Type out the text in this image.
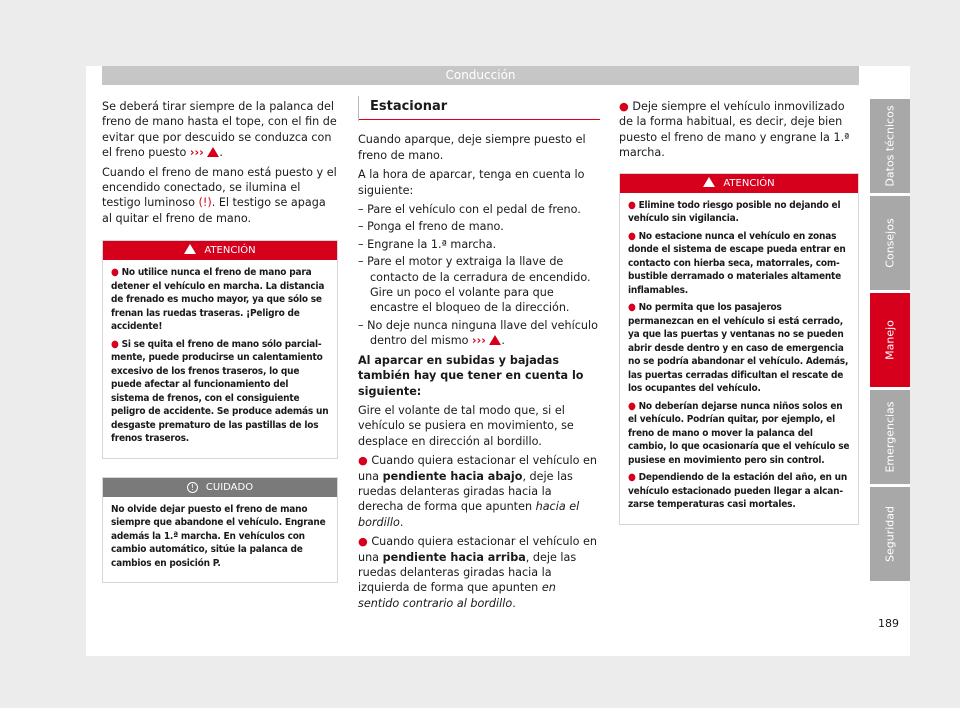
Conducción

Se deberá tirar siempre de la palanca del freno de mano hasta el tope, con el fin de evitar que por descuido se conduzca con el freno puesto ››› .

Cuando el freno de mano está puesto y el encendido conectado, se ilumina el testigo luminoso (!). El testigo se apaga al quitar el freno de mano.

ATENCIÓN

● No utilice nunca el freno de mano para detener el vehículo en marcha. La distancia de frenado es mucho mayor, ya que sólo se frenan las ruedas traseras. ¡Peligro de accidente!

● Si se quita el freno de mano sólo parcialmente, puede producirse un calentamiento excesivo de los frenos traseros, lo que puede afectar al funcionamiento del sistema de frenos, con el consiguiente peligro de accidente. Se produce además un desgaste prematuro de las pastillas de los frenos traseros.

! CUIDADO

No olvide dejar puesto el freno de mano siempre que abandone el vehículo. Engrane además la 1.ª marcha. En vehículos con cambio automático, sitúe la palanca de cambios en posición P.

Estacionar

Cuando aparque, deje siempre puesto el freno de mano.

A la hora de aparcar, tenga en cuenta lo siguiente:

– Pare el vehículo con el pedal de freno.
– Ponga el freno de mano.
– Engrane la 1.ª marcha.
– Pare el motor y extraiga la llave de contacto de la cerradura de encendido. Gire un poco el volante para que encastre el bloqueo de la dirección.
– No deje nunca ninguna llave del vehículo dentro del mismo ››› .

Al aparcar en subidas y bajadas también hay que tener en cuenta lo siguiente:

Gire el volante de tal modo que, si el vehículo se pusiera en movimiento, se desplace en dirección al bordillo.

● Cuando quiera estacionar el vehículo en una pendiente hacia abajo, deje las ruedas delanteras giradas hacia la derecha de forma que apunten hacia el bordillo.

● Cuando quiera estacionar el vehículo en una pendiente hacia arriba, deje las ruedas delanteras giradas hacia la izquierda de forma que apunten en sentido contrario al bordillo.

● Deje siempre el vehículo inmovilizado de la forma habitual, es decir, deje bien puesto el freno de mano y engrane la 1.ª marcha.

ATENCIÓN

● Elimine todo riesgo posible no dejando el vehículo sin vigilancia.

● No estacione nunca el vehículo en zonas donde el sistema de escape pueda entrar en contacto con hierba seca, matorrales, combustible derramado o materiales altamente inflamables.

● No permita que los pasajeros permanezcan en el vehículo si está cerrado, ya que las puertas y ventanas no se pueden abrir desde dentro y en caso de emergencia no se podría abandonar el vehículo. Además, las puertas cerradas dificultan el rescate de los ocupantes del vehículo.

● No deberían dejarse nunca niños solos en el vehículo. Podrían quitar, por ejemplo, el freno de mano o mover la palanca del cambio, lo que ocasionaría que el vehículo se pusiese en movimiento pero sin control.

● Dependiendo de la estación del año, en un vehículo estacionado pueden llegar a alcanzarse temperaturas casi mortales.

Datos técnicos
Consejos
Manejo
Emergencias
Seguridad
189
